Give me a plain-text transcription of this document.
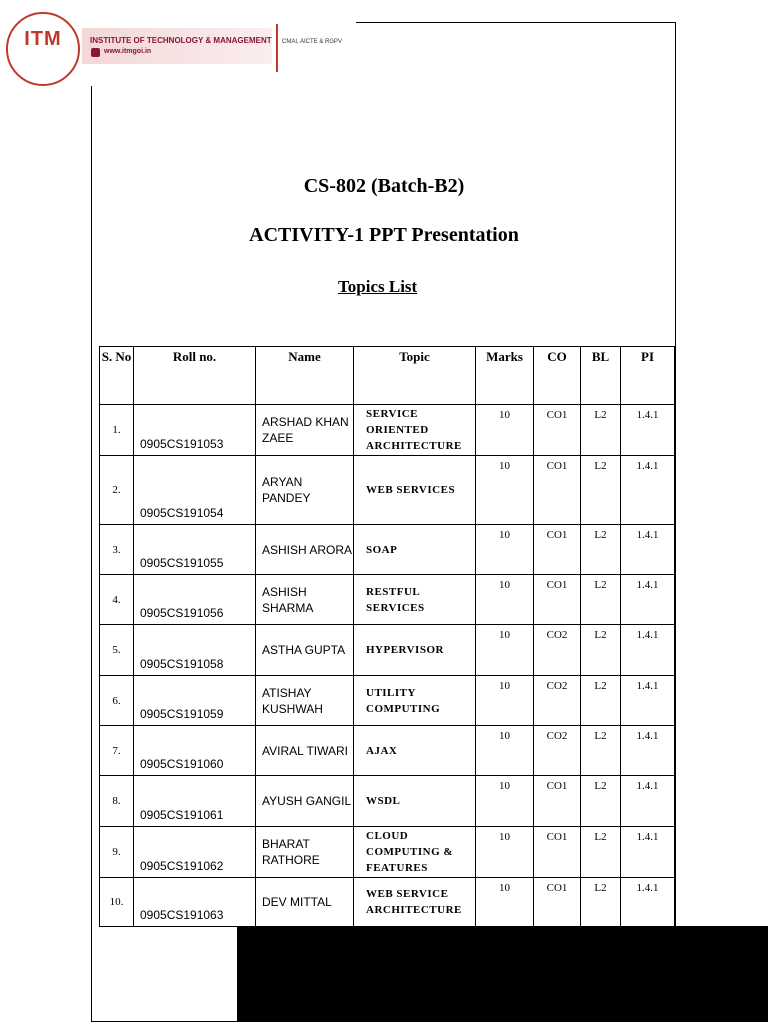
ITM	INSTITUTE OF TECHNOLOGY & MANAGEMENT
www.itmgoi.in
CMAI, AICTE & RGPV
CS-802 (Batch-B2)
ACTIVITY-1 PPT Presentation
Topics List
S. No	Roll no.	Name	Topic	Marks	CO	BL	PI
1.	0905CS191053	ARSHAD KHAN ZAEE	SERVICE ORIENTED ARCHITECTURE	10	CO1	L2	1.4.1
2.	0905CS191054	ARYAN PANDEY	WEB SERVICES	10	CO1	L2	1.4.1
3.	0905CS191055	ASHISH ARORA	SOAP	10	CO1	L2	1.4.1
4.	0905CS191056	ASHISH SHARMA	RESTFUL SERVICES	10	CO1	L2	1.4.1
5.	0905CS191058	ASTHA GUPTA	HYPERVISOR	10	CO2	L2	1.4.1
6.	0905CS191059	ATISHAY KUSHWAH	UTILITY COMPUTING	10	CO2	L2	1.4.1
7.	0905CS191060	AVIRAL TIWARI	AJAX	10	CO2	L2	1.4.1
8.	0905CS191061	AYUSH GANGIL	WSDL	10	CO1	L2	1.4.1
9.	0905CS191062	BHARAT RATHORE	CLOUD COMPUTING & FEATURES	10	CO1	L2	1.4.1
10.	0905CS191063	DEV MITTAL	WEB SERVICE ARCHITECTURE	10	CO1	L2	1.4.1
